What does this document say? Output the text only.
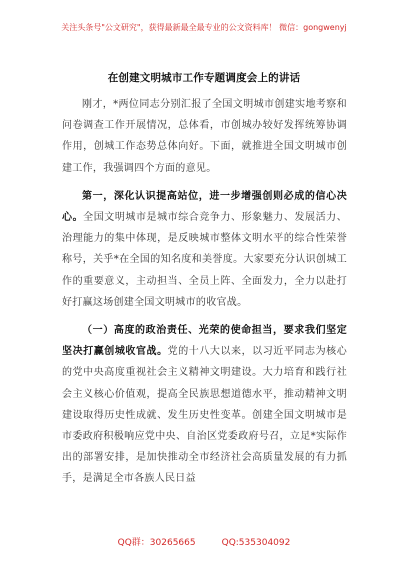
关注头条号"公文研究"，获得最新最全最专业的公文资料库！ 微信：gongwenyj
在创建文明城市工作专题调度会上的讲话

刚才，*两位同志分别汇报了全国文明城市创建实地考察和问卷调查工作开展情况，总体看，市创城办较好发挥统筹协调作用，创城工作态势总体向好。下面，就推进全国文明城市创建工作，我强调四个方面的意见。

第一，深化认识提高站位，进一步增强创则必成的信心决心。全国文明城市是城市综合竞争力、形象魅力、发展活力、治理能力的集中体现，是反映城市整体文明水平的综合性荣誉称号，关乎*在全国的知名度和美誉度。大家要充分认识创城工作的重要意义，主动担当、全员上阵、全面发力，全力以赴打好打赢这场创建全国文明城市的收官战。

（一）高度的政治责任、光荣的使命担当，要求我们坚定坚决打赢创城收官战。党的十八大以来，以习近平同志为核心的党中央高度重视社会主义精神文明建设。大力培育和践行社会主义核心价值观，提高全民族思想道德水平，推动精神文明建设取得历史性成就、发生历史性变革。创建全国文明城市是市委政府积极响应党中央、自治区党委政府号召，立足*实际作出的部署安排，是加快推动全市经济社会高质量发展的有力抓手，是满足全市各族人民日益

QQ群：30265665	QQ:535304092
